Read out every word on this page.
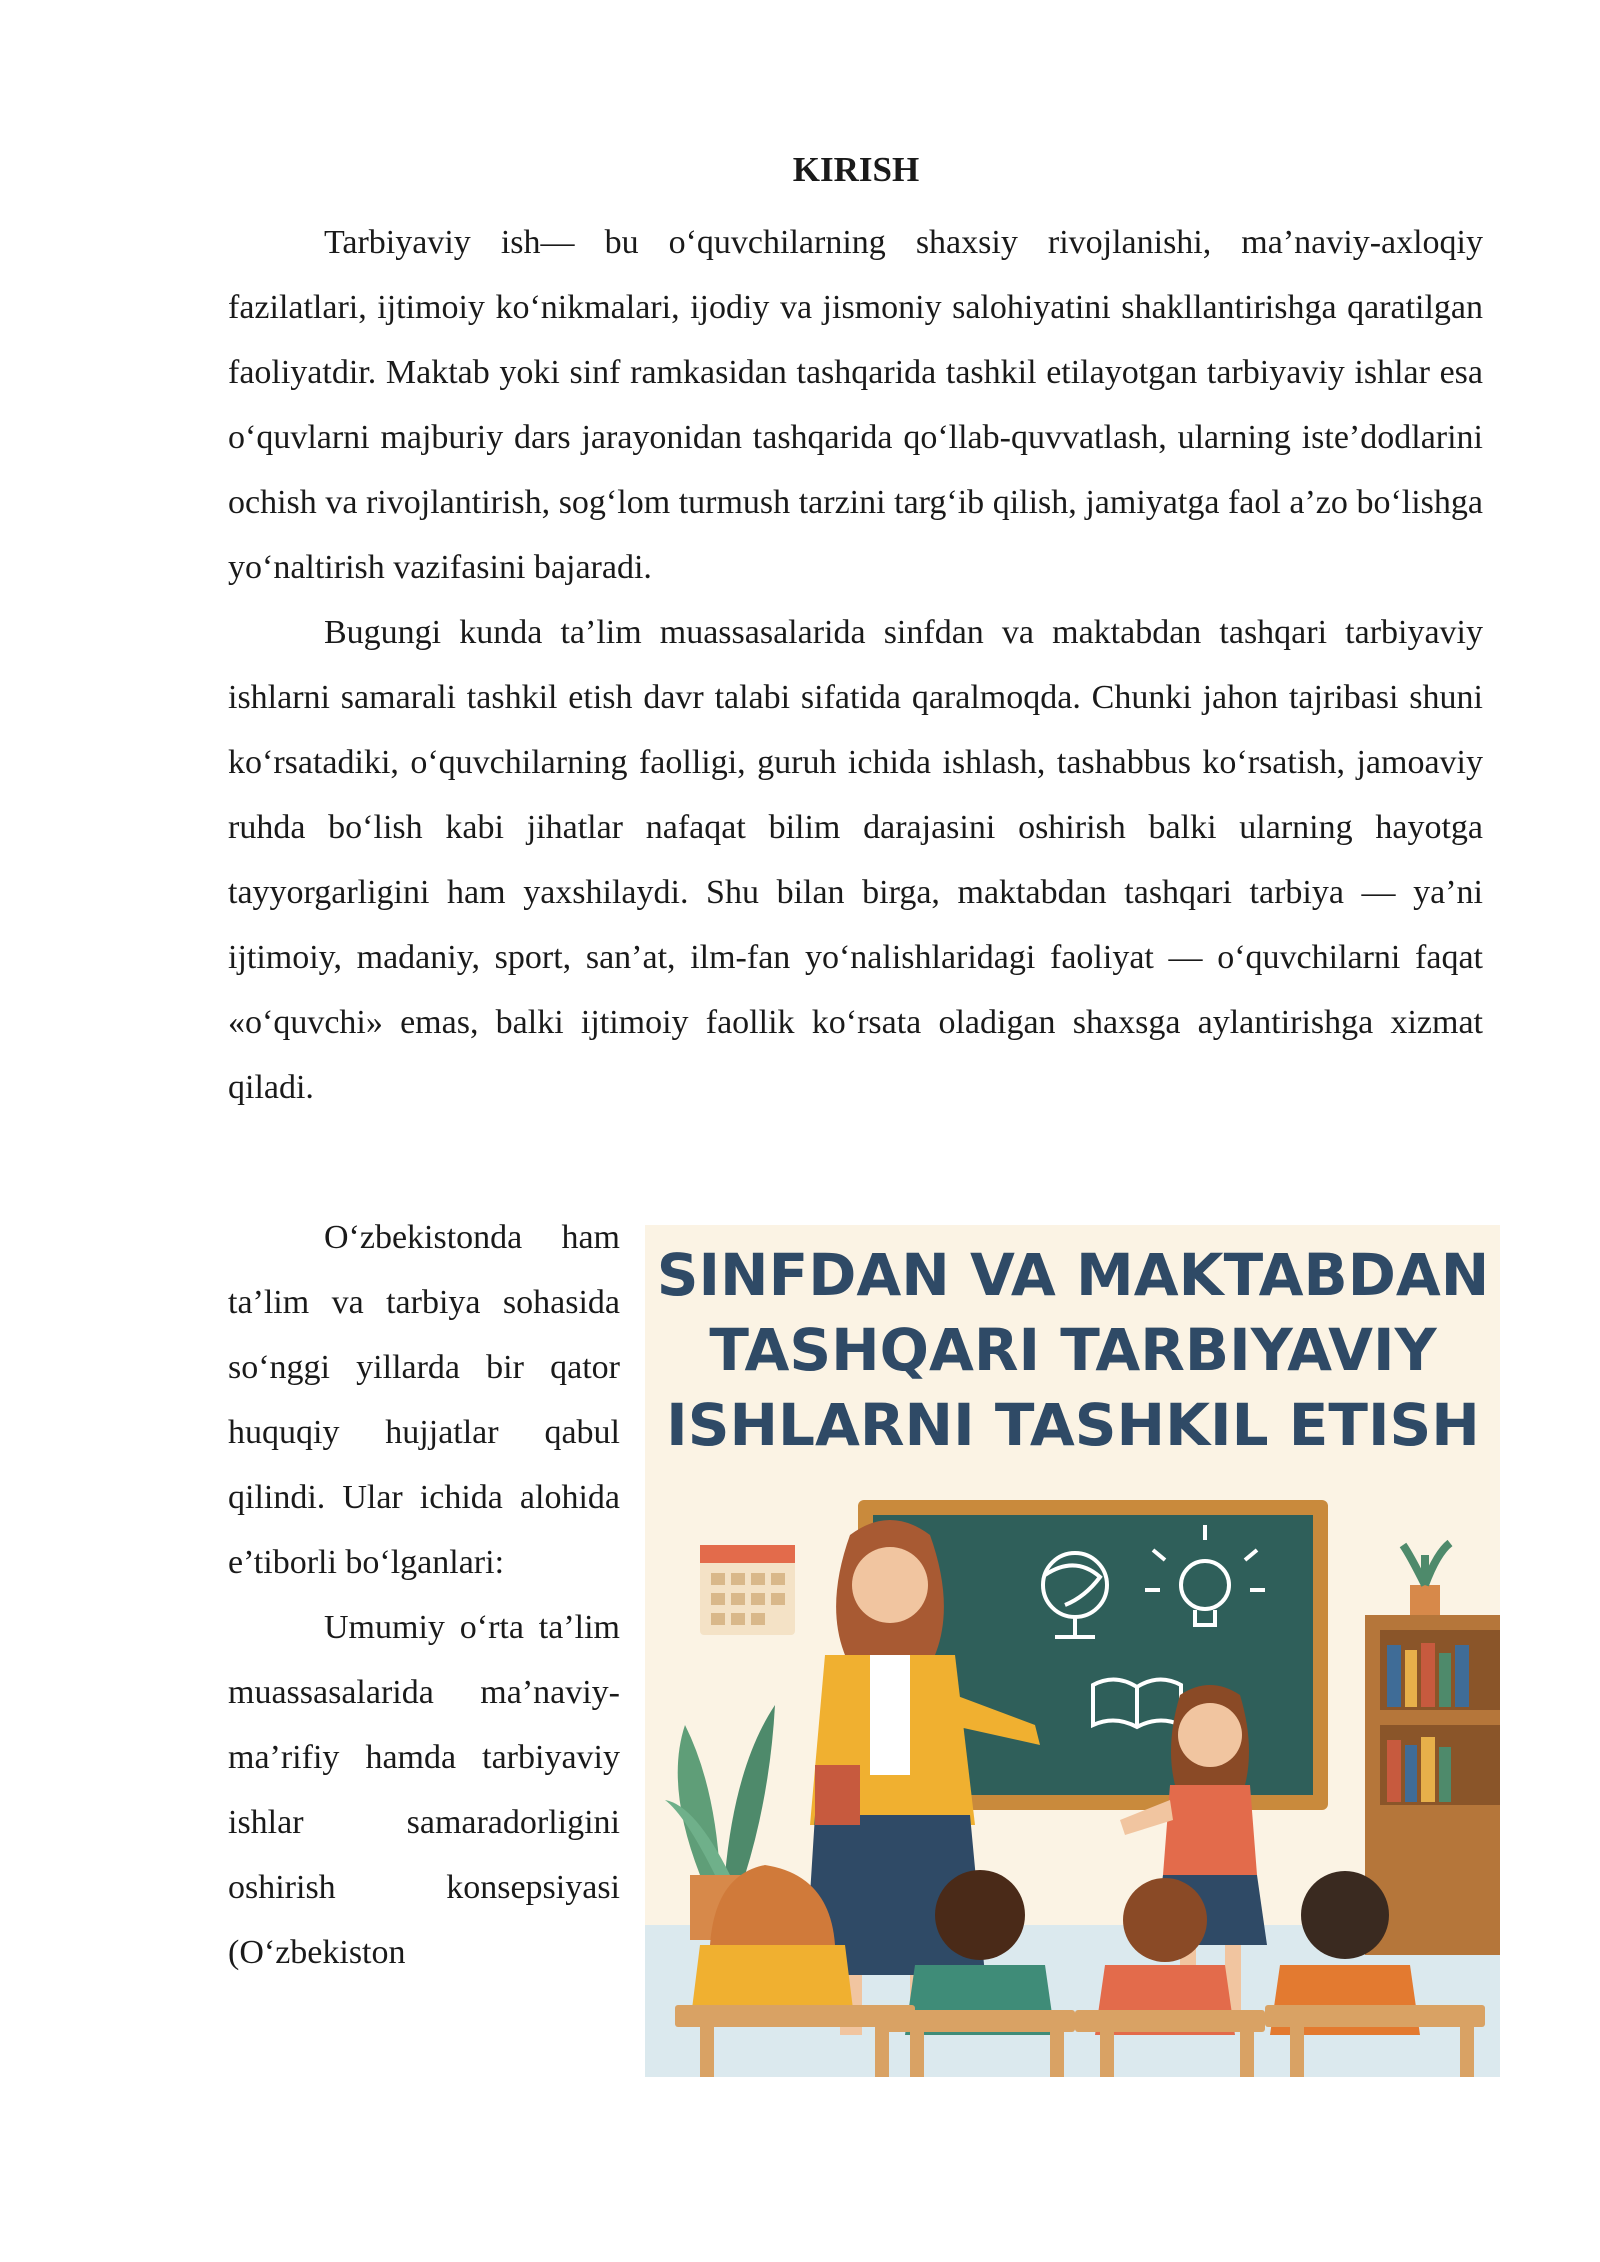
KIRISH

Tarbiyaviy ish— bu o‘quvchilarning shaxsiy rivojlanishi, ma’naviy-axloqiy fazilatlari, ijtimoiy ko‘nikmalari, ijodiy va jismoniy salohiyatini shakllantirishga qaratilgan faoliyatdir. Maktab yoki sinf ramkasidan tashqarida tashkil etilayotgan tarbiyaviy ishlar esa o‘quvlarni majburiy dars jarayonidan tashqarida qo‘llab-quvvatlash, ularning iste’dodlarini ochish va rivojlantirish, sog‘lom turmush tarzini targ‘ib qilish, jamiyatga faol a’zo bo‘lishga yo‘naltirish vazifasini bajaradi.

Bugungi kunda ta’lim muassasalarida sinfdan va maktabdan tashqari tarbiyaviy ishlarni samarali tashkil etish davr talabi sifatida qaralmoqda. Chunki jahon tajribasi shuni ko‘rsatadiki, o‘quvchilarning faolligi, guruh ichida ishlash, tashabbus ko‘rsatish, jamoaviy ruhda bo‘lish kabi jihatlar nafaqat bilim darajasini oshirish balki ularning hayotga tayyorgarligini ham yaxshilaydi. Shu bilan birga, maktabdan tashqari tarbiya — ya’ni ijtimoiy, madaniy, sport, san’at, ilm-fan yo‘nalishlaridagi faoliyat — o‘quvchilarni faqat «o‘quvchi» emas, balki ijtimoiy faollik ko‘rsata oladigan shaxsga aylantirishga xizmat qiladi.

O‘zbekistonda ham ta’lim va tarbiya sohasida so‘nggi yillarda bir qator huquqiy hujjatlar qabul qilindi. Ular ichida alohida e’tiborli bo‘lganlari:

Umumiy o‘rta ta’lim muassasalarida ma’naviy-ma’rifiy hamda tarbiyaviy ishlar samaradorligini oshirish konsepsiyasi (O‘zbekiston

SINFDAN VA MAKTABDAN
TASHQARI TARBIYAVIY
ISHLARNI TASHKIL ETISH
